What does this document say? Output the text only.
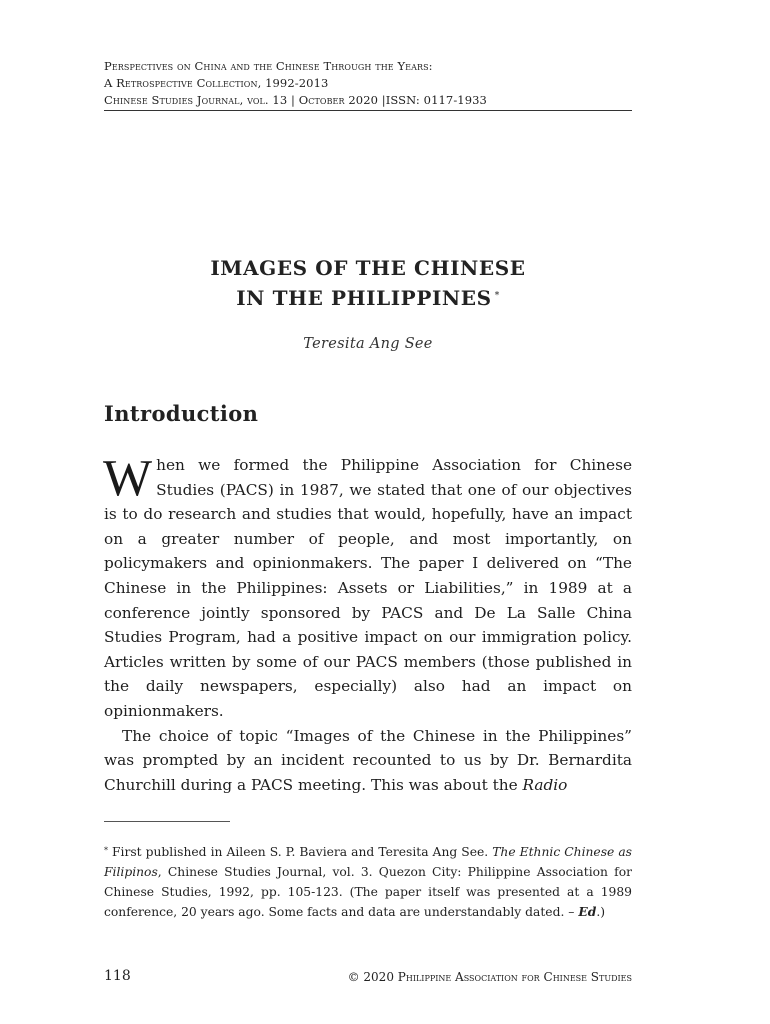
Perspectives on China and the Chinese Through the Years:
A Retrospective Collection, 1992-2013
Chinese Studies Journal, vol. 13 | October 2020 |ISSN: 0117-1933
IMAGES OF THE CHINESE
IN THE PHILIPPINES *
Teresita Ang See
Introduction

When we formed the Philippine Association for Chinese Studies (PACS) in 1987, we stated that one of our objectives is to do research and studies that would, hopefully, have an impact on a greater number of people, and most importantly, on policymakers and opinionmakers. The paper I delivered on “The Chinese in the Philippines: Assets or Liabilities,” in 1989 at a conference jointly sponsored by PACS and De La Salle China Studies Program, had a positive impact on our immigration policy. Articles written by some of our PACS members (those published in the daily newspapers, especially) also had an impact on opinionmakers.

The choice of topic “Images of the Chinese in the Philippines” was prompted by an incident recounted to us by Dr. Bernardita Churchill during a PACS meeting. This was about the Radio

* First published in Aileen S. P. Baviera and Teresita Ang See. The Ethnic Chinese as Filipinos, Chinese Studies Journal, vol. 3. Quezon City: Philippine Association for Chinese Studies, 1992, pp. 105-123. (The paper itself was presented at a 1989 conference, 20 years ago. Some facts and data are understandably dated. – Ed.)
118	© 2020 Philippine Association for Chinese Studies
